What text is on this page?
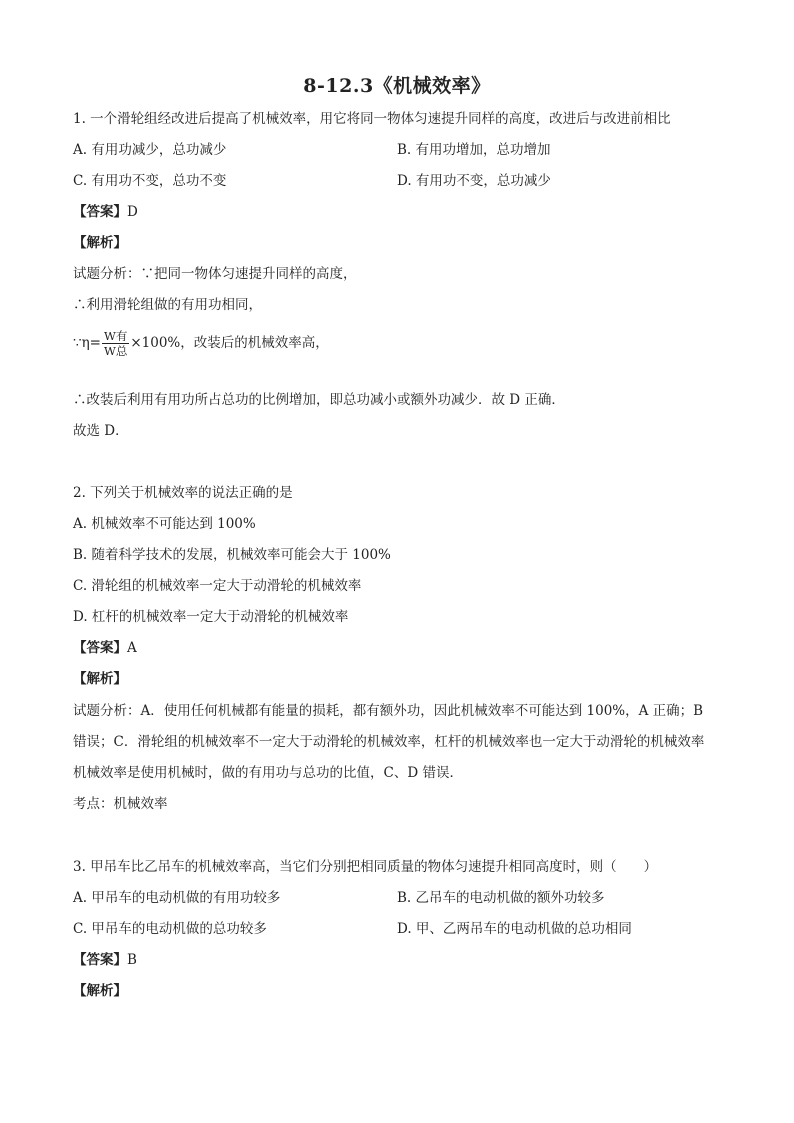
8-12.3《机械效率》
1. 一个滑轮组经改进后提高了机械效率，用它将同一物体匀速提升同样的高度，改进后与改进前相比
A. 有用功减少，总功减少	B. 有用功增加，总功增加
C. 有用功不变，总功不变	D. 有用功不变，总功减少
【答案】D
【解析】
试题分析：∵把同一物体匀速提升同样的高度，
∴利用滑轮组做的有用功相同，
∵η= $\frac{\text{W有}}{\text{W总}} \times 100\%$，改装后的机械效率高，
∴改装后利用有用功所占总功的比例增加，即总功减小或额外功减少．故 D 正确．
故选 D．
2. 下列关于机械效率的说法正确的是
A. 机械效率不可能达到 100%
B. 随着科学技术的发展，机械效率可能会大于 100%
C. 滑轮组的机械效率一定大于动滑轮的机械效率
D. 杠杆的机械效率一定大于动滑轮的机械效率
【答案】A
【解析】
试题分析：A．使用任何机械都有能量的损耗，都有额外功，因此机械效率不可能达到 100%，A 正确；B
错误；C．滑轮组的机械效率不一定大于动滑轮的机械效率，杠杆的机械效率也一定大于动滑轮的机械效率
机械效率是使用机械时，做的有用功与总功的比值，C、D 错误．
考点：机械效率
3. 甲吊车比乙吊车的机械效率高，当它们分别把相同质量的物体匀速提升相同高度时，则（　　）
A. 甲吊车的电动机做的有用功较多	B. 乙吊车的电动机做的额外功较多
C. 甲吊车的电动机做的总功较多	D. 甲、乙两吊车的电动机做的总功相同
【答案】B
【解析】
